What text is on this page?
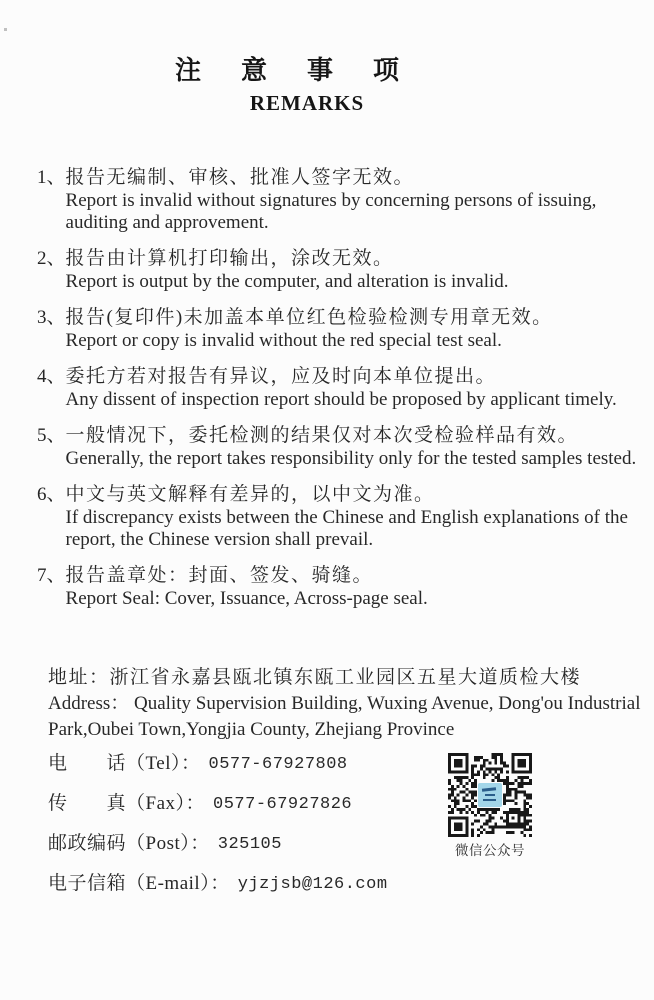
注意事项
REMARKS
1、 报告无编制、审核、批准人签字无效。
Report is invalid without signatures by concerning persons of issuing,
auditing and approvement.
2、 报告由计算机打印输出，涂改无效。
Report is output by the computer, and alteration is invalid.
3、 报告(复印件)未加盖本单位红色检验检测专用章无效。
Report or copy is invalid without the red special test seal.
4、 委托方若对报告有异议，应及时向本单位提出。
Any dissent of inspection report should be proposed by applicant timely.
5、 一般情况下，委托检测的结果仅对本次受检验样品有效。
Generally, the report takes responsibility only for the tested samples tested.
6、 中文与英文解释有差异的，以中文为准。
If discrepancy exists between the Chinese and English explanations of the
report, the Chinese version shall prevail.
7、 报告盖章处：封面、签发、骑缝。
Report Seal: Cover, Issuance, Across-page seal.
地址：浙江省永嘉县瓯北镇东瓯工业园区五星大道质检大楼
Address： Quality Supervision Building, Wuxing Avenue, Dong'ou Industrial
Park,Oubei Town,Yongjia County, Zhejiang Province
电　　话（Tel）： 0577-67927808
传　　真（Fax）： 0577-67927826
邮政编码（Post）： 325105
电子信箱（E-mail）： yjzjsb@126.com
微信公众号
